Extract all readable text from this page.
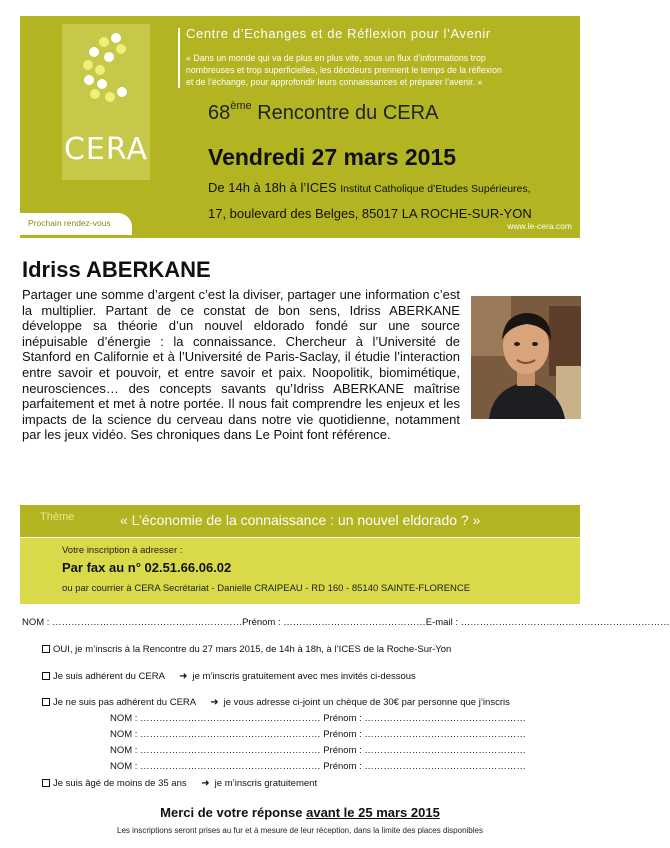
CERA
Centre d’Echanges et de Réflexion pour l’Avenir
« Dans un monde qui va de plus en plus vite, sous un flux d’informations trop
nombreuses et trop superficielles, les décideurs prennent le temps de la réflexion
et de l’échange, pour approfondir leurs connaissances et préparer l’avenir. »
68ème Rencontre du CERA
Vendredi 27 mars 2015
De 14h à 18h à l’ICES Institut Catholique d’Etudes Supérieures,
17, boulevard des Belges, 85017 LA ROCHE-SUR-YON
www.le-cera.com
Prochain rendez-vous
Idriss ABERKANE
Partager une somme d’argent c’est la diviser, partager une information c’est la multiplier. Partant de ce constat de bon sens, Idriss ABERKANE développe sa théorie d’un nouvel eldorado fondé sur une source inépuisable d’énergie : la connaissance. Chercheur à l’Université de Stanford en Californie et à l’Université de Paris-Saclay, il étudie l’interaction entre savoir et pouvoir, et entre savoir et paix. Noopolitik, biomimétique, neurosciences… des concepts savants qu’Idriss ABERKANE maîtrise parfaitement et met à notre portée. Il nous fait comprendre les enjeux et les impacts de la science du cerveau dans notre vie quotidienne, notamment par les jeux vidéo. Ses chroniques dans Le Point font référence.
Thème	« L’économie de la connaissance : un nouvel eldorado ? »
Votre inscription à adresser :
Par fax au n° 02.51.66.06.02
ou par courrier à CERA Secrétariat - Danielle CRAIPEAU - RD 160 - 85140 SAINTE-FLORENCE
NOM : ……………………………………………………Prénom : ………………………………………E-mail : …………………………………………………………
OUI, je m’inscris à la Rencontre du 27 mars 2015, de 14h à 18h, à l’ICES de la Roche-Sur-Yon
Je suis adhérent du CERA ➜ je m’inscris gratuitement avec mes invités ci-dessous
Je ne suis pas adhérent du CERA ➜ je vous adresse ci-joint un chèque de 30€ par personne que j’inscris
NOM : ………………………………………………… Prénom : ……………………………………………
NOM : ………………………………………………… Prénom : ……………………………………………
NOM : ………………………………………………… Prénom : ……………………………………………
NOM : ………………………………………………… Prénom : ……………………………………………
Je suis âgé de moins de 35 ans ➜ je m’inscris gratuitement
Merci de votre réponse avant le 25 mars 2015
Les inscriptions seront prises au fur et à mesure de leur réception, dans la limite des places disponibles
